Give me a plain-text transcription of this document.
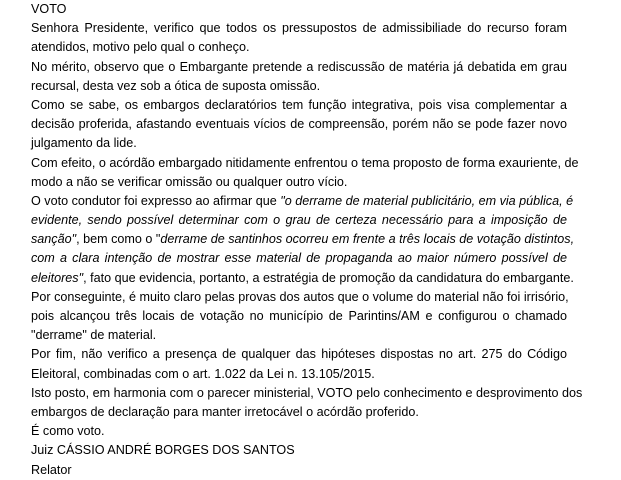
VOTO
Senhora Presidente, verifico que todos os pressupostos de admissibiliade do recurso foram
atendidos, motivo pelo qual o conheço.
No mérito, observo que o Embargante pretende a rediscussão de matéria já debatida em grau
recursal, desta vez sob a ótica de suposta omissão.
Como se sabe, os embargos declaratórios tem função integrativa, pois visa complementar a
decisão proferida, afastando eventuais vícios de compreensão, porém não se pode fazer novo
julgamento da lide.
Com efeito, o acórdão embargado nitidamente enfrentou o tema proposto de forma exauriente, de
modo a não se verificar omissão ou qualquer outro vício.
O voto condutor foi expresso ao afirmar que "o derrame de material publicitário, em via pública, é
evidente, sendo possível determinar com o grau de certeza necessário para a imposição de
sanção", bem como o "derrame de santinhos ocorreu em frente a três locais de votação distintos,
com a clara intenção de mostrar esse material de propaganda ao maior número possível de
eleitores", fato que evidencia, portanto, a estratégia de promoção da candidatura do embargante.
Por conseguinte, é muito claro pelas provas dos autos que o volume do material não foi irrisório,
pois alcançou três locais de votação no município de Parintins/AM e configurou o chamado
"derrame" de material.
Por fim, não verifico a presença de qualquer das hipóteses dispostas no art. 275 do Código
Eleitoral, combinadas com o art. 1.022 da Lei n. 13.105/2015.
Isto posto, em harmonia com o parecer ministerial, VOTO pelo conhecimento e desprovimento dos
embargos de declaração para manter irretocável o acórdão proferido.
É como voto.
Juiz CÁSSIO ANDRÉ BORGES DOS SANTOS
Relator
